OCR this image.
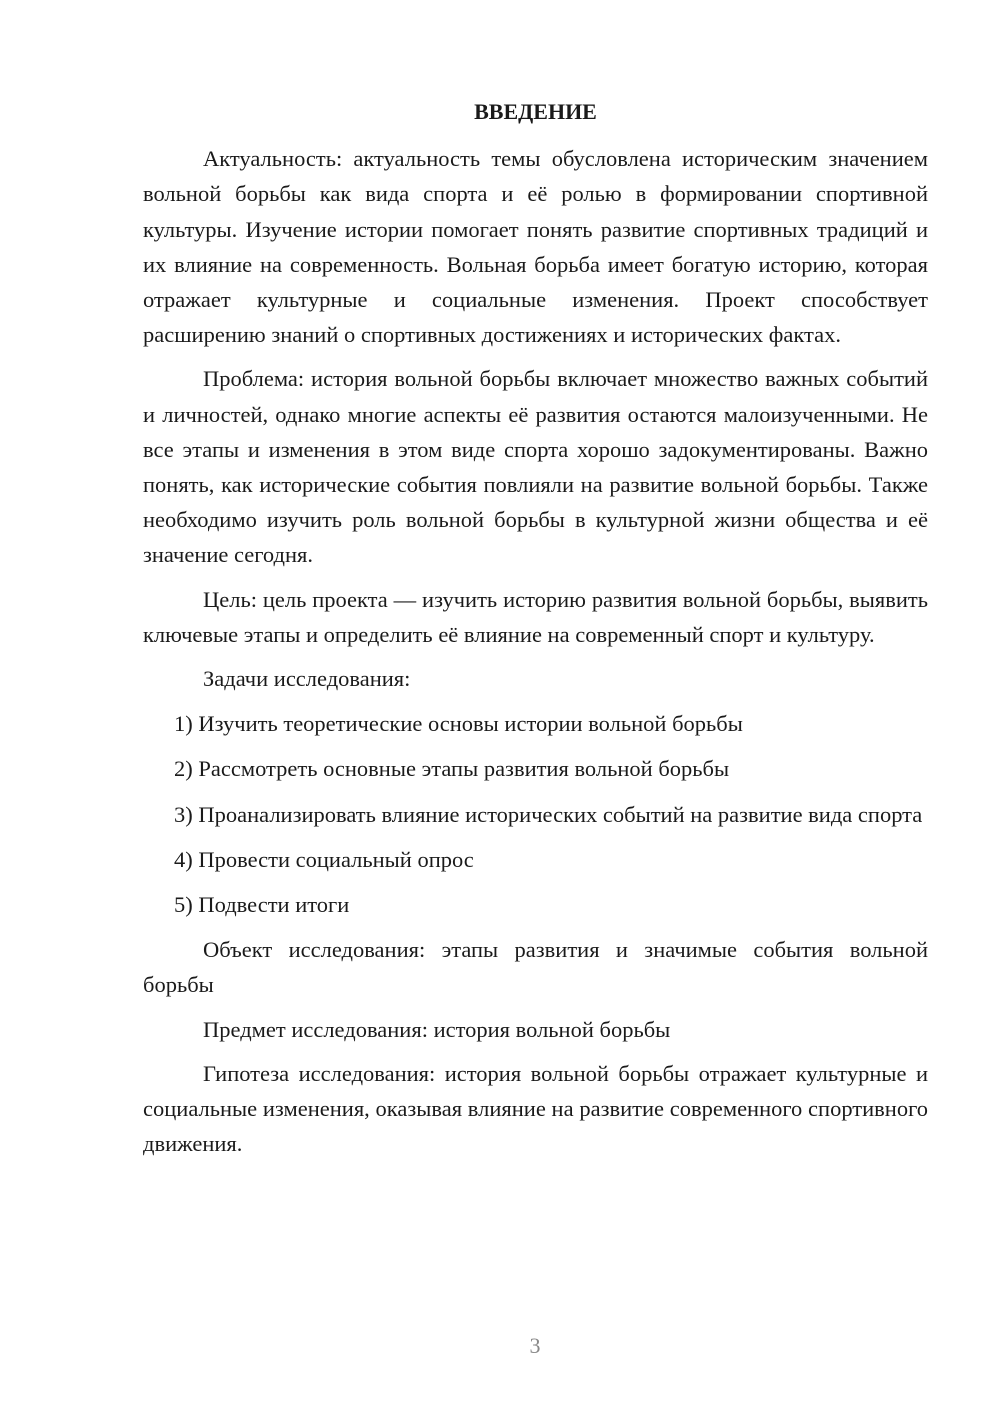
ВВЕДЕНИЕ

Актуальность: актуальность темы обусловлена историческим значением вольной борьбы как вида спорта и её ролью в формировании спортивной культуры. Изучение истории помогает понять развитие спортивных традиций и их влияние на современность. Вольная борьба имеет богатую историю, которая отражает культурные и социальные изменения. Проект способствует расширению знаний о спортивных достижениях и исторических фактах.

Проблема: история вольной борьбы включает множество важных событий и личностей, однако многие аспекты её развития остаются малоизученными. Не все этапы и изменения в этом виде спорта хорошо задокументированы. Важно понять, как исторические события повлияли на развитие вольной борьбы. Также необходимо изучить роль вольной борьбы в культурной жизни общества и её значение сегодня.

Цель: цель проекта — изучить историю развития вольной борьбы, выявить ключевые этапы и определить её влияние на современный спорт и культуру.

Задачи исследования:

1) Изучить теоретические основы истории вольной борьбы

2) Рассмотреть основные этапы развития вольной борьбы

3) Проанализировать влияние исторических событий на развитие вида спорта

4) Провести социальный опрос

5) Подвести итоги

Объект исследования: этапы развития и значимые события вольной борьбы

Предмет исследования: история вольной борьбы

Гипотеза исследования: история вольной борьбы отражает культурные и социальные изменения, оказывая влияние на развитие современного спортивного движения.

3
